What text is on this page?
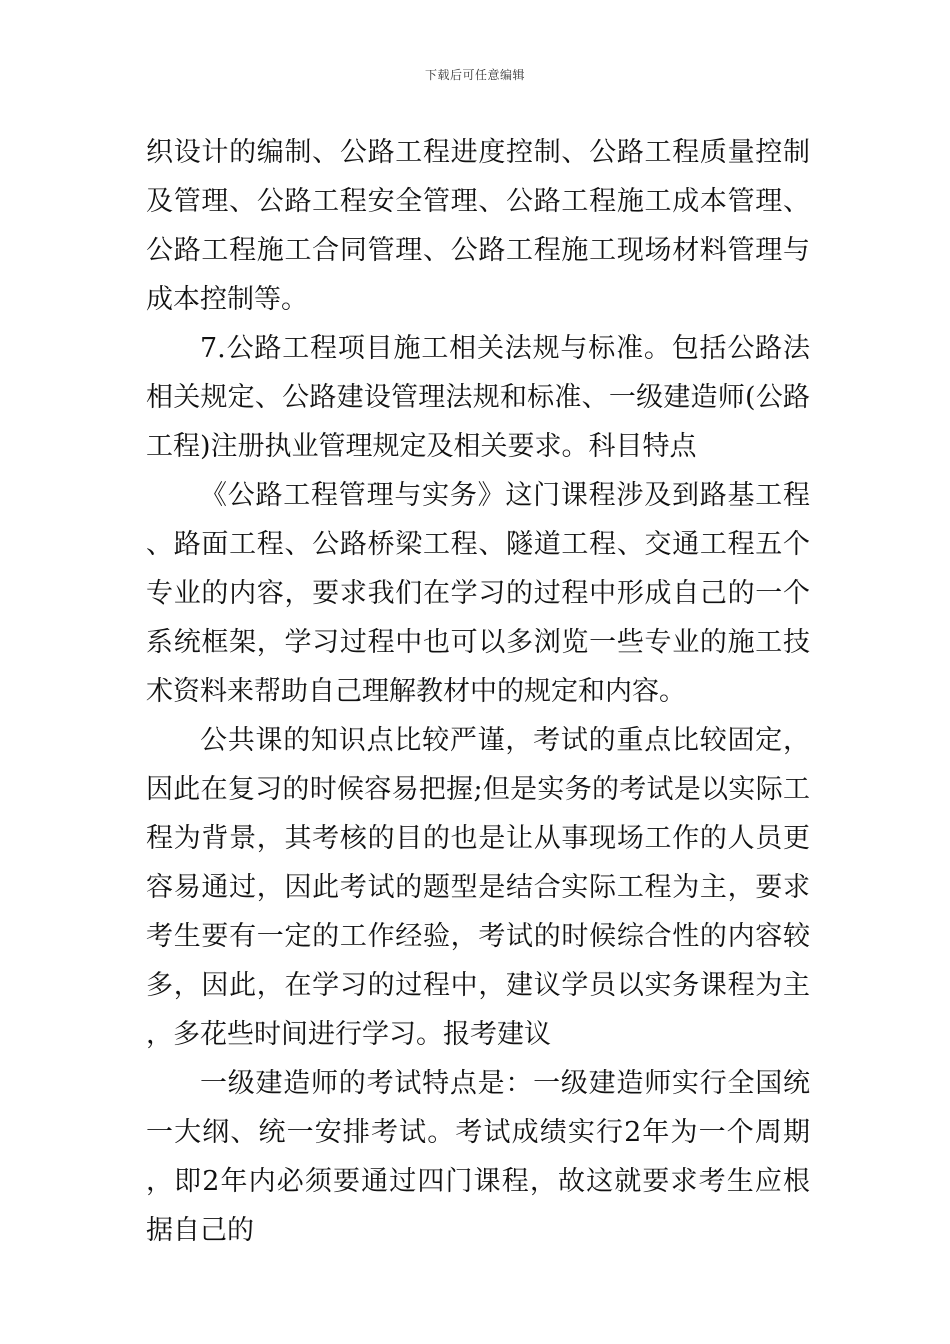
下载后可任意编辑

织设计的编制、公路工程进度控制、公路工程质量控制及管理、公路工程安全管理、公路工程施工成本管理、公路工程施工合同管理、公路工程施工现场材料管理与成本控制等。

7.公路工程项目施工相关法规与标准。包括公路法相关规定、公路建设管理法规和标准、一级建造师(公路工程)注册执业管理规定及相关要求。科目特点

《公路工程管理与实务》这门课程涉及到路基工程、路面工程、公路桥梁工程、隧道工程、交通工程五个专业的内容，要求我们在学习的过程中形成自己的一个系统框架，学习过程中也可以多浏览一些专业的施工技术资料来帮助自己理解教材中的规定和内容。

公共课的知识点比较严谨，考试的重点比较固定，因此在复习的时候容易把握;但是实务的考试是以实际工程为背景，其考核的目的也是让从事现场工作的人员更容易通过，因此考试的题型是结合实际工程为主，要求考生要有一定的工作经验，考试的时候综合性的内容较多，因此，在学习的过程中，建议学员以实务课程为主，多花些时间进行学习。报考建议

一级建造师的考试特点是：一级建造师实行全国统一大纲、统一安排考试。考试成绩实行2年为一个周期，即2年内必须要通过四门课程，故这就要求考生应根据自己的
